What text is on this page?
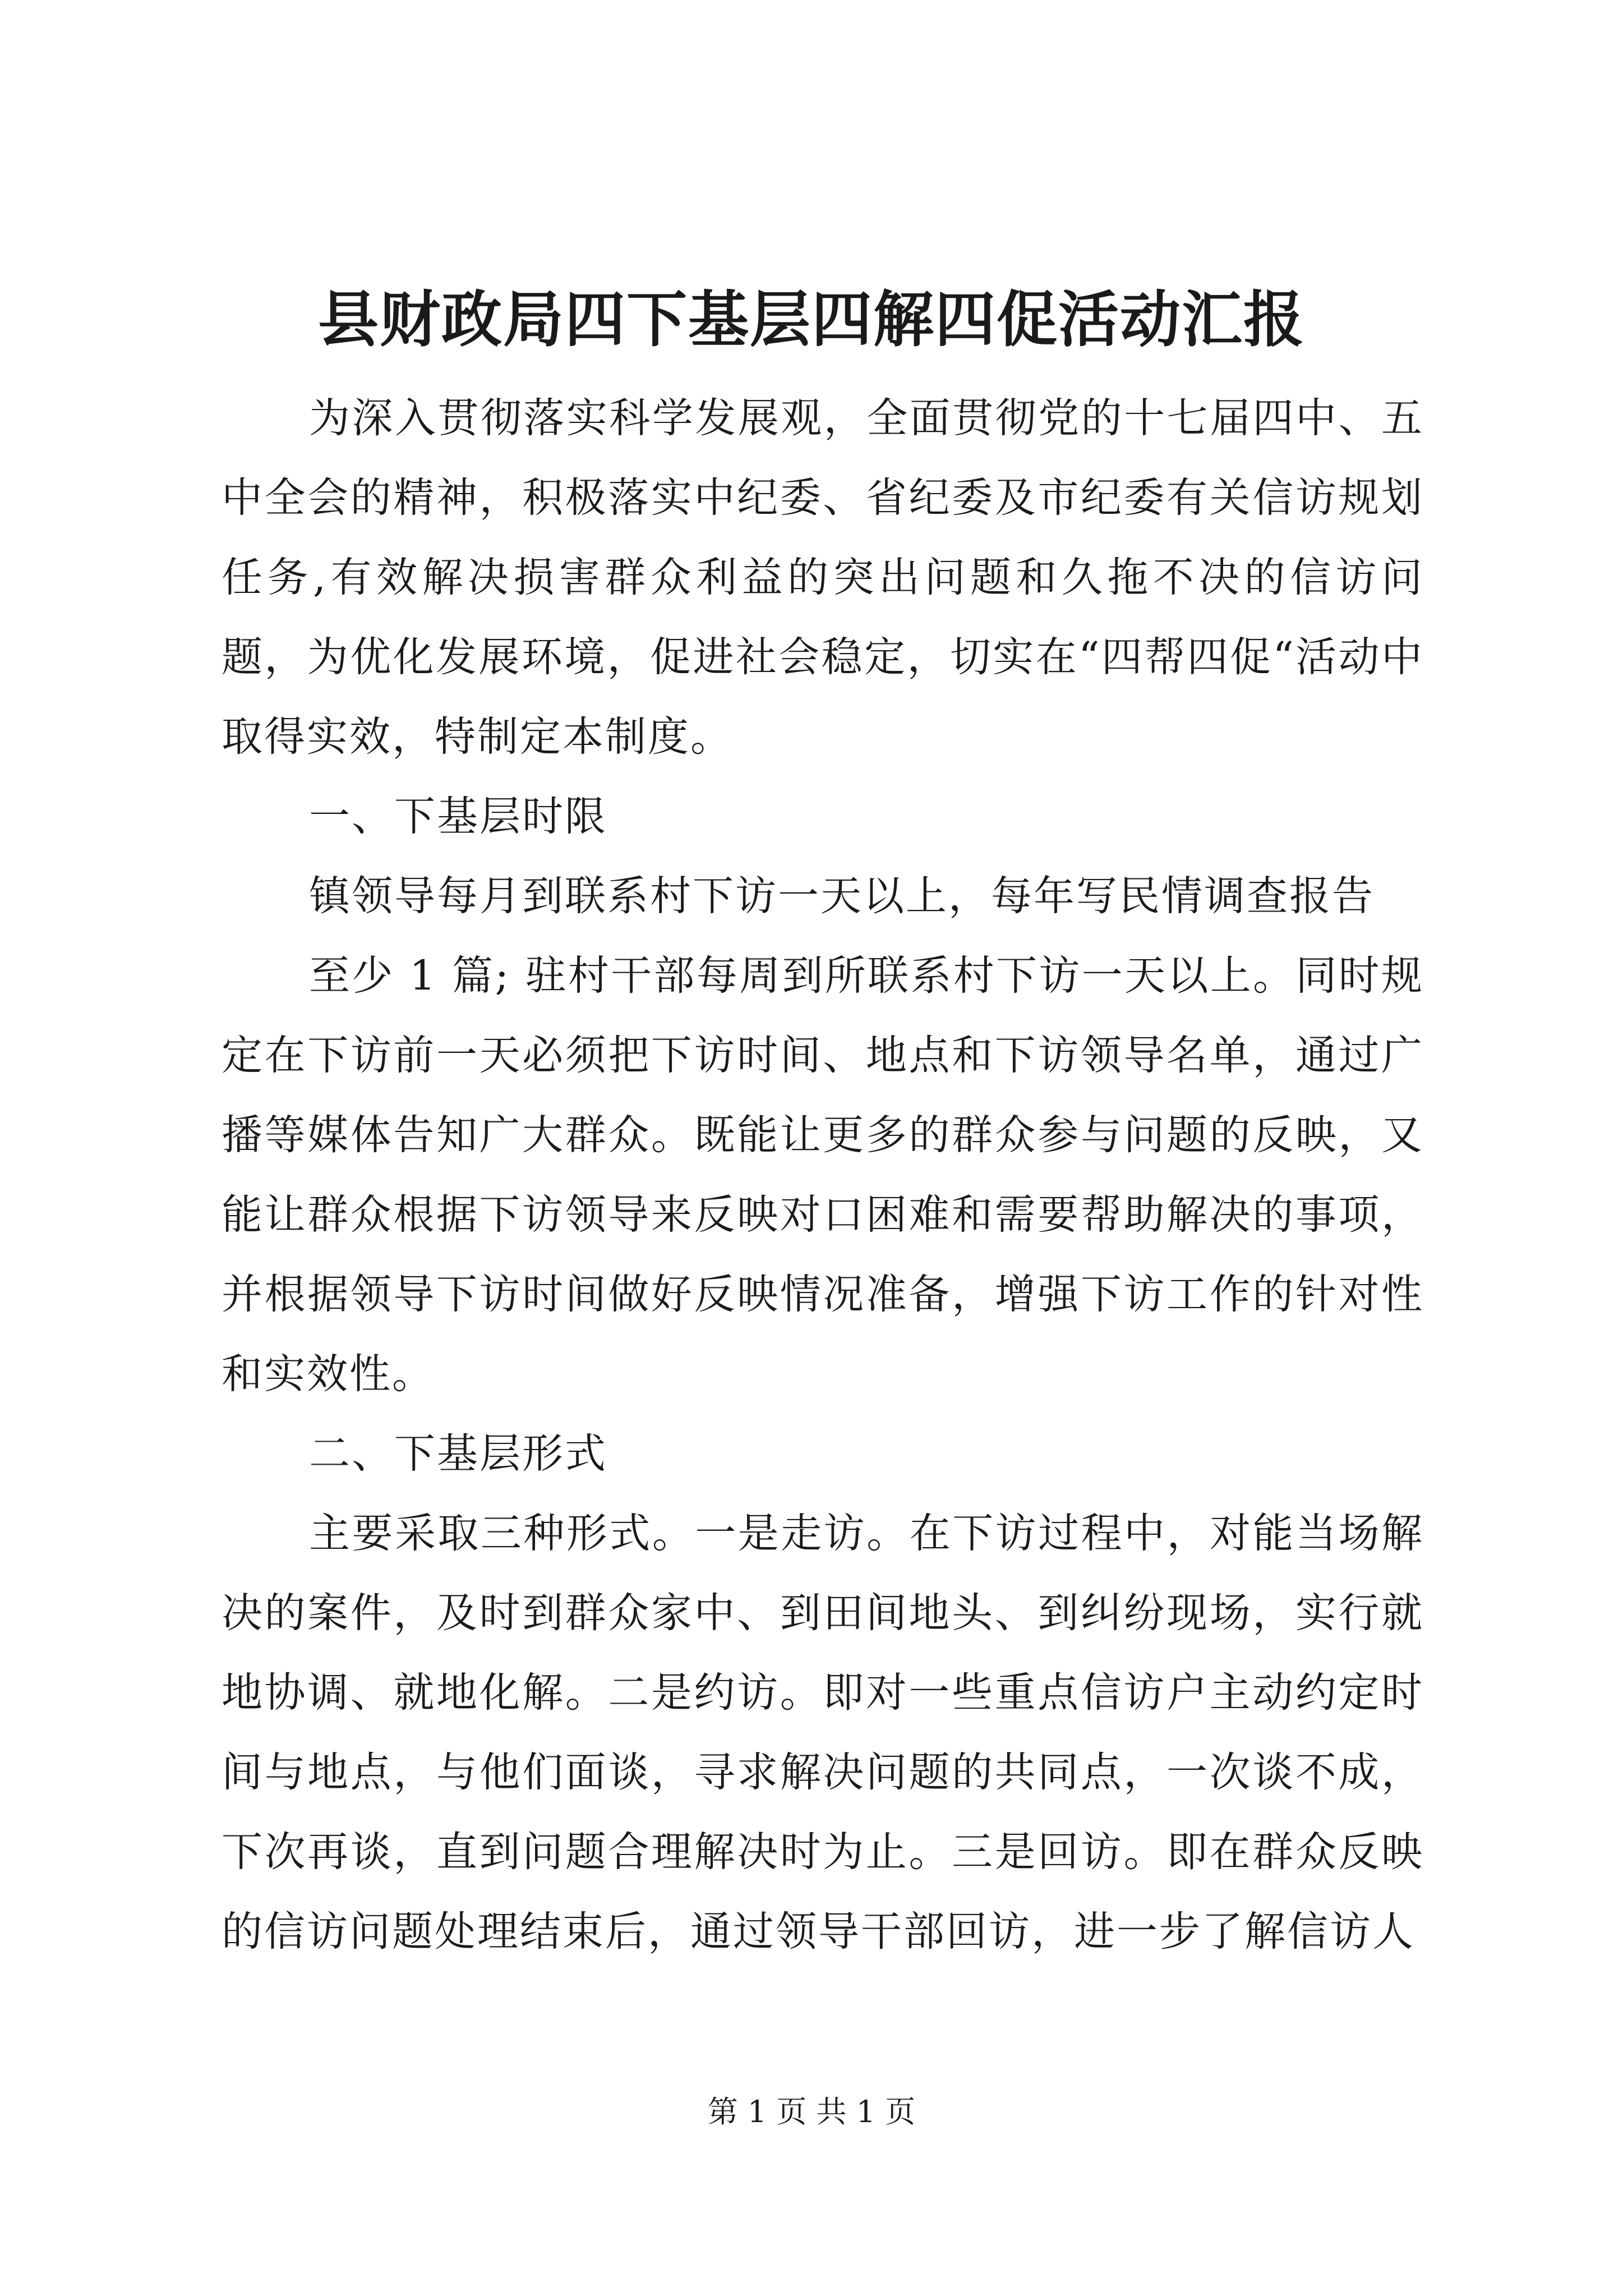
县财政局四下基层四解四促活动汇报

为深入贯彻落实科学发展观，全面贯彻党的十七届四中、五中全会的精神，积极落实中纪委、省纪委及市纪委有关信访规划任务,有效解决损害群众利益的突出问题和久拖不决的信访问题，为优化发展环境，促进社会稳定，切实在“四帮四促“活动中取得实效，特制定本制度。

一、下基层时限

镇领导每月到联系村下访一天以上，每年写民情调查报告

至少 1 篇; 驻村干部每周到所联系村下访一天以上。同时规定在下访前一天必须把下访时间、地点和下访领导名单，通过广播等媒体告知广大群众。既能让更多的群众参与问题的反映，又能让群众根据下访领导来反映对口困难和需要帮助解决的事项，并根据领导下访时间做好反映情况准备，增强下访工作的针对性和实效性。

二、下基层形式

主要采取三种形式。一是走访。在下访过程中，对能当场解决的案件，及时到群众家中、到田间地头、到纠纷现场，实行就地协调、就地化解。二是约访。即对一些重点信访户主动约定时间与地点，与他们面谈，寻求解决问题的共同点，一次谈不成，下次再谈，直到问题合理解决时为止。三是回访。即在群众反映的信访问题处理结束后，通过领导干部回访，进一步了解信访人

第 1 页 共 1 页
